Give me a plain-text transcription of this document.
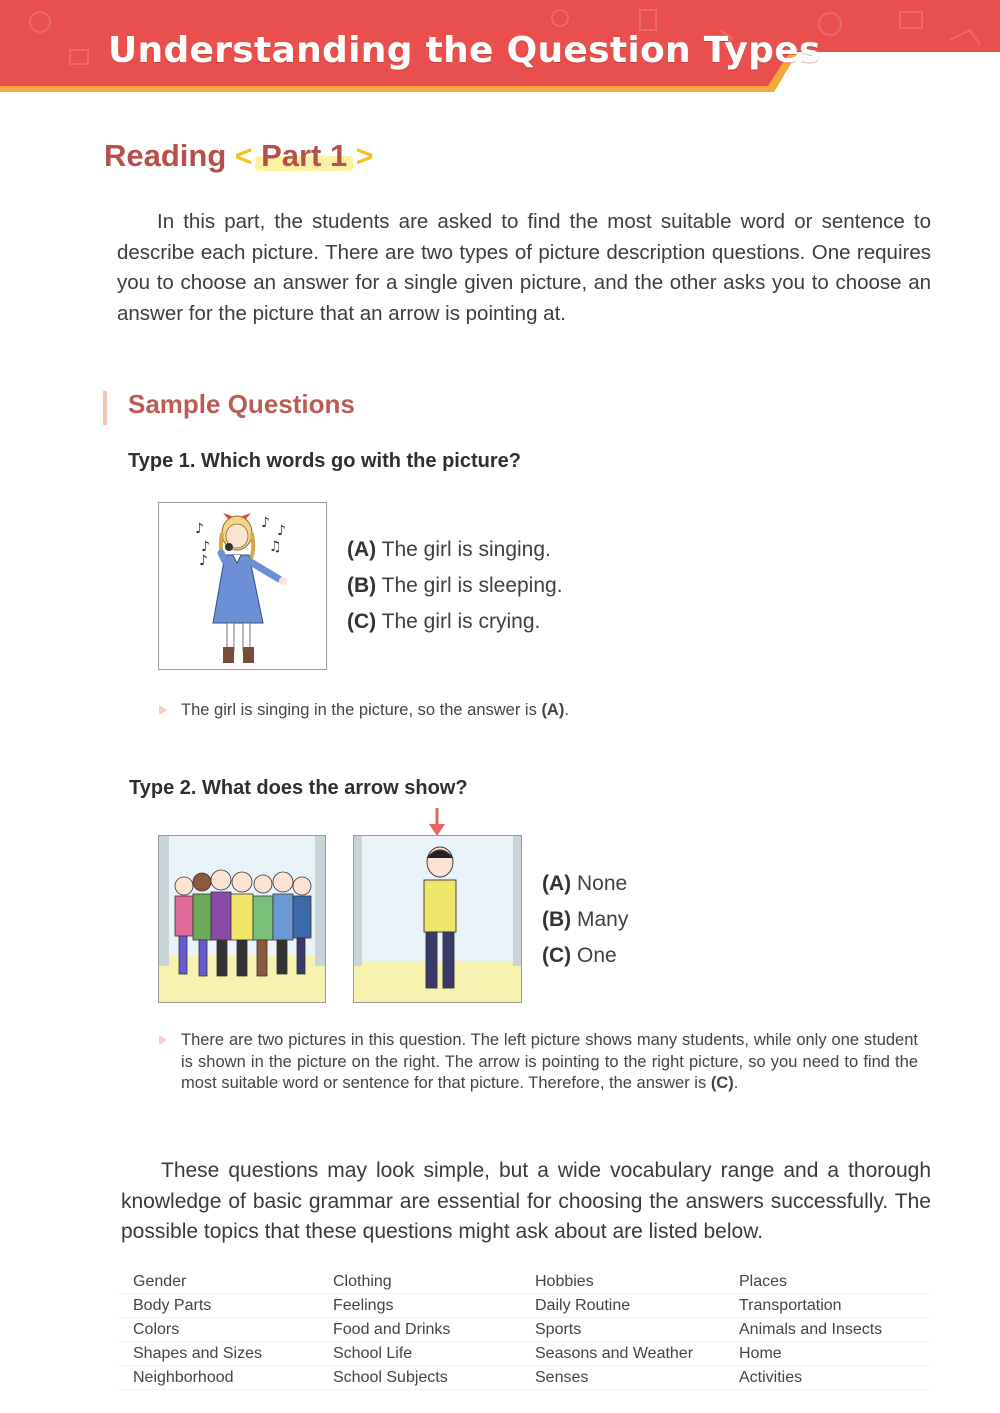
Understanding the Question Types
Reading < Part 1 >
In this part, the students are asked to find the most suitable word or sentence to describe each picture. There are two types of picture description questions. One requires you to choose an answer for a single given picture, and the other asks you to choose an answer for the picture that an arrow is pointing at.
Sample Questions
Type 1. Which words go with the picture?
♪
♪
♪
♪ ♪
♫	(A) The girl is singing.
(B) The girl is sleeping.
(C) The girl is crying.
The girl is singing in the picture, so the answer is (A).
Type 2. What does the arrow show?
(A) None
(B) Many
(C) One
There are two pictures in this question. The left picture shows many students, while only one student is shown in the picture on the right. The arrow is pointing to the right picture, so you need to find the most suitable word or sentence for that picture. Therefore, the answer is (C).
These questions may look simple, but a wide vocabulary range and a thorough knowledge of basic grammar are essential for choosing the answers successfully. The possible topics that these questions might ask about are listed below.
Gender
Body Parts
Colors
Shapes and Sizes
Neighborhood
Clothing
Feelings
Food and Drinks
School Life
School Subjects
Hobbies
Daily Routine
Sports
Seasons and Weather
Senses
Places
Transportation
Animals and Insects
Home
Activities
